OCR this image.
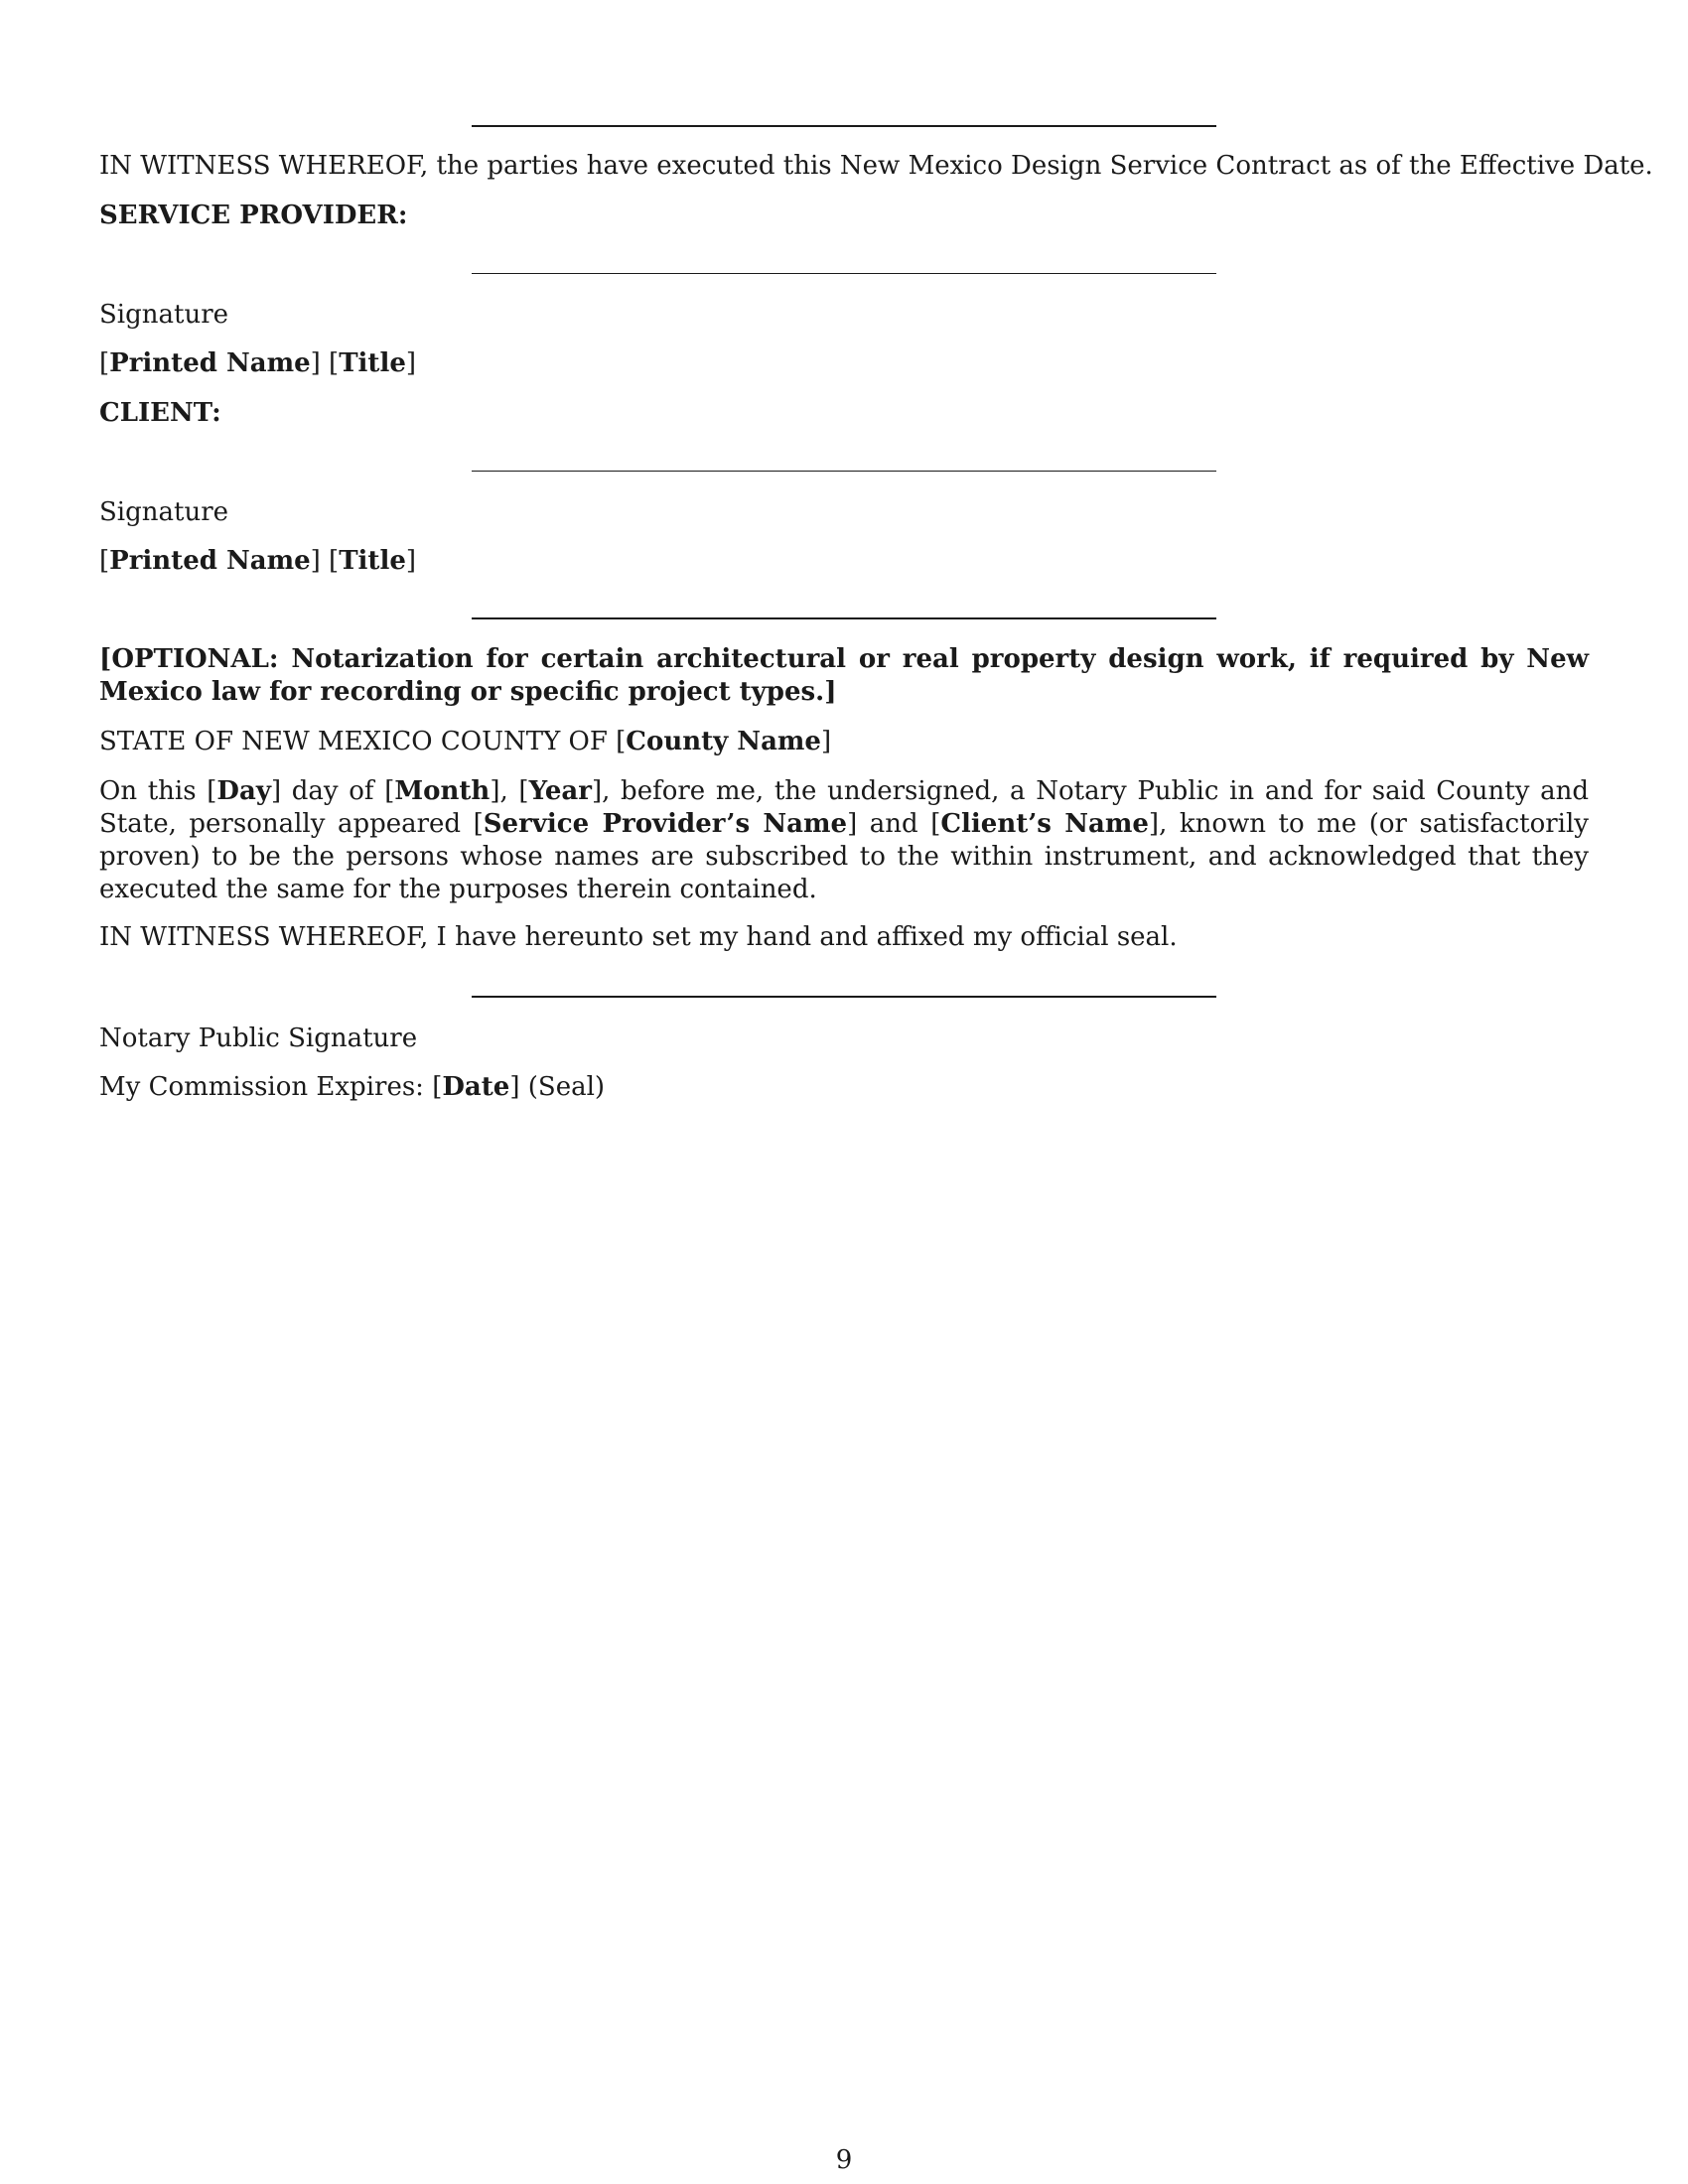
IN WITNESS WHEREOF, the parties have executed this New Mexico Design Service Contract as of the Effective Date.
SERVICE PROVIDER:
Signature
[Printed Name] [Title]
CLIENT:
Signature
[Printed Name] [Title]
[OPTIONAL: Notarization for certain architectural or real property design work, if required by New Mexico law for recording or specific project types.]
STATE OF NEW MEXICO COUNTY OF [County Name]
On this [Day] day of [Month], [Year], before me, the undersigned, a Notary Public in and for said County and State, personally appeared [Service Provider’s Name] and [Client’s Name], known to me (or satisfactorily proven) to be the persons whose names are subscribed to the within instrument, and acknowledged that they executed the same for the purposes therein contained.
IN WITNESS WHEREOF, I have hereunto set my hand and affixed my official seal.
Notary Public Signature
My Commission Expires: [Date] (Seal)
9
